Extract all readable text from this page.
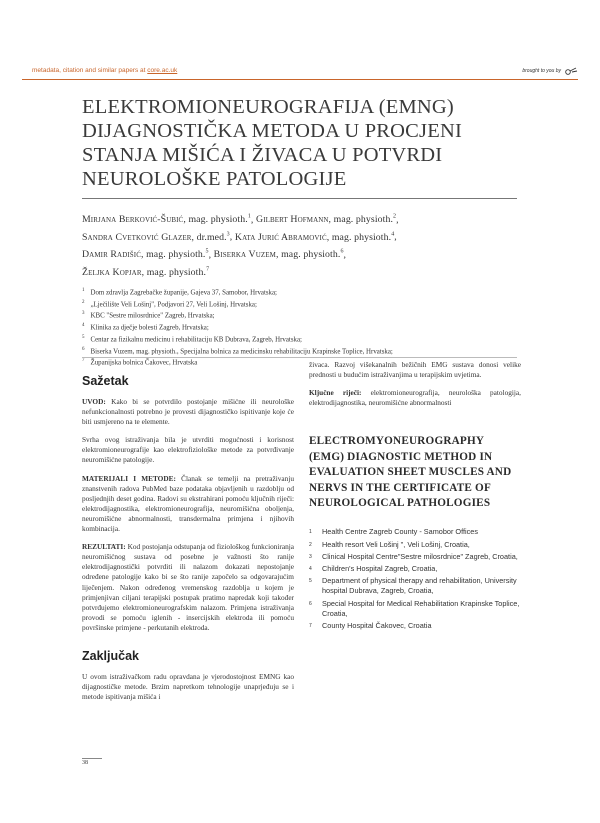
metadata, citation and similar papers at core.ac.uk	brought to you by
ELEKTROMIONEUROGRAFIJA (EMNG) DIJAGNOSTIČKA METODA U PROCJENI STANJA MIŠIĆA I ŽIVACA U POTVRDI NEUROLOŠKE PATOLOGIJE
Mirjana Berković-Šubić, mag. physioth.$^1$, Gilbert Hofmann, mag. physioth.$^2$,
Sandra Cvetković Glazer, dr.med.$^3$, Kata Jurić Abramović, mag. physioth.$^4$,
Damir Radišić, mag. physioth.$^5$, Biserka Vuzem, mag. physioth.$^6$,
Željka Kopjar, mag. physioth.$^7$
$^1$ Dom zdravlja Zagrebačke županije, Gajeva 37, Samobor, Hrvatska;
$^2$ „Lječilište Veli Lošinj", Podjavori 27, Veli Lošinj, Hrvatska;
$^3$ KBC "Sestre milosrdnice" Zagreb, Hrvatska;
$^4$ Klinika za dječje bolesti Zagreb, Hrvatska;
$^5$ Centar za fizikalnu medicinu i rehabilitaciju KB Dubrava, Zagreb, Hrvatska;
$^6$ Biserka Vuzem, mag. physioth., Specijalna bolnica za medicinsku rehabilitaciju Krapinske Toplice, Hrvatska;
$^7$ Županijska bolnica Čakovec, Hrvatska
Sažetak

UVOD: Kako bi se potvrdilo postojanje mišićne ili neurološke nefunkcionalnosti potrebno je provesti dijagnostičko ispitivanje koje će biti usmjereno na te elemente.

Svrha ovog istraživanja bila je utvrditi mogućnosti i korisnost elektromioneurografije kao elektrofiziološke metode za potvrđivanje neuromišićne patologije.

MATERIJALI I METODE: Članak se temelji na pretraživanju znanstvenih radova PubMed baze podataka objavljenih u razdoblju od posljednjih deset godina. Radovi su ekstrahirani pomoću ključnih riječi: elektrodijagnostika, elektromioneurografija, neuromišićna oboljenja, neuromišićne abnormalnosti, transdermalna primjena i njihovih kombinacija.

REZULTATI: Kod postojanja odstupanja od fiziološkog funkcioniranja neuromišićnog sustava od posebne je važnosti što ranije elektrodijagnostički potvrditi ili nalazom dokazati nepostojanje određene patologije kako bi se što ranije započelo sa odgovarajućim liječenjem. Nakon određenog vremenskog razdoblja u kojem je primjenjivan ciljani terapijski postupak pratimo napredak koji također potvrđujemo elektromioneurografskim nalazom. Primjena istraživanja provodi se pomoću iglenih - insercijskih elektroda ili pomoću površinske primjene - perkutanih elektroda.

Zaključak

U ovom istraživačkom radu opravdana je vjerodostojnost EMNG kao dijagnostičke metode. Brzim napretkom tehnologije unaprjeđuju se i metode ispitivanja mišića i

živaca. Razvoj višekanalnih bežičnih EMG sustava donosi velike prednosti u budućim istraživanjima u terapijskim uvjetima.

Ključne riječi: elektromioneurografija, neurološka patologija, elektrodijagnostika, neuromišićne abnormalnosti

ELECTROMYONEUROGRAPHY (EMG) DIAGNOSTIC METHOD IN EVALUATION SHEET MUSCLES AND NERVS IN THE CERTIFICATE OF NEUROLOGICAL PATHOLOGIES
1	Health Centre Zagreb County - Samobor Offices
2	Health resort Veli Lošinj ", Veli Lošinj, Croatia,
3	Clinical Hospital Centre"Sestre milosrdnice" Zagreb, Croatia,
4	Children's Hospital Zagreb, Croatia,
5	Department of physical therapy and rehabilitation, University hospital Dubrava, Zagreb, Croatia,
6	Special Hospital for Medical Rehabilitation Krapinske Toplice, Croatia,
7	County Hospital Čakovec, Croatia
38
